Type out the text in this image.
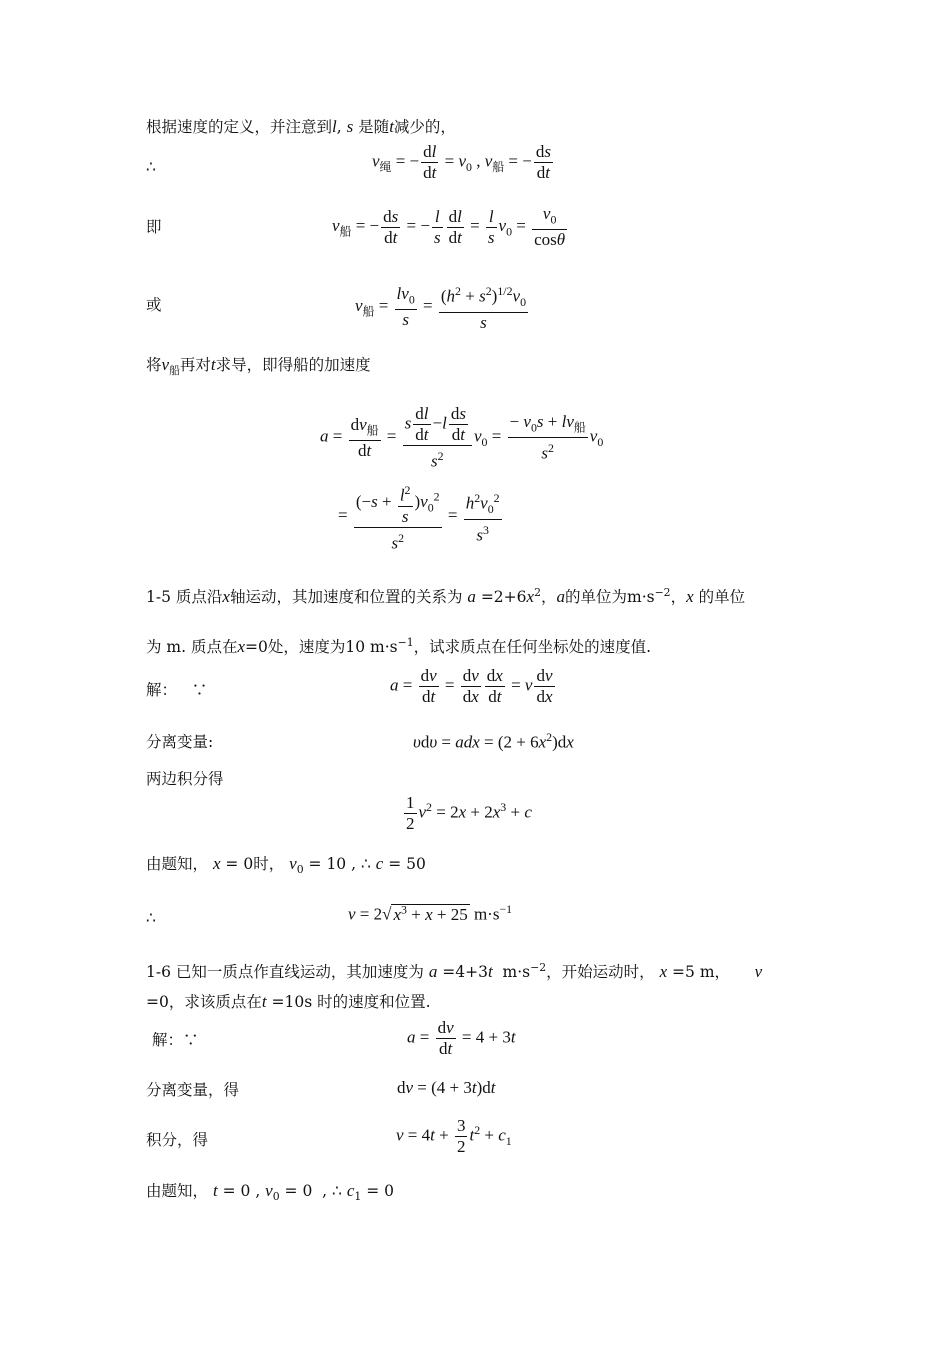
根据速度的定义，并注意到l, s 是随t减少的，
∴	$v_绳$ = − $\frac{dl}{dt} = v_0$ , $v_船$ = − $\frac{ds}{dt}$
即	$v_船$ = − $\frac{ds}{dt}$ = − $\frac{l}{s} \frac{dl}{dt} = \frac{l}{s} v_0 = \frac{v_0}{\cos\theta}$
或	$v_船 = \frac{lv_0}{s} = \frac{(h^2 + s^2)^{1/2}v_0}{s}$
将$v_船$再对t求导，即得船的加速度
$a = \frac{dv_船}{dt} = \frac{s \frac{dl}{dt} -l \frac{ds}{dt}}{s^2} v_0 = \frac{- v_0s + lv_船}{s^2} v_0$
= $\frac{(-s + \frac{l^2}{s} )v_0^2}{s^2} = \frac{h^2v_0^2}{s^3}$
1-5 质点沿x轴运动，其加速度和位置的关系为 $a =2+6x^2$，a的单位为$m\cdot s^{-2}$，x 的单位
为 m. 质点在x=0处，速度为10 $m\cdot s^{-1}$，试求质点在任何坐标处的速度值.
解： ∵	$a = \frac{dv}{dt} = \frac{dv}{dx} \frac{dx}{dt} = v \frac{dv}{dx}$
分离变量:	υdυ = adx = $(2 + 6x^2)dx$
两边积分得
$\frac{1}{2} v^2 = 2x + 2x^3 + c$
由题知， x = 0时， $v_0 = 10$ , ∴ c = 50
∴	v = 2√ $x^3 + x + 25$ $m\cdot s^{-1}$
1-6 已知一质点作直线运动，其加速度为 a =4+3t  $m\cdot s^{-2}$，开始运动时， x =5 m，     v
=0，求该质点在t =10s 时的速度和位置.
解：∵	$a = \frac{dv}{dt} = 4 + 3t$
分离变量，得	dv = (4 + 3t)dt
积分，得	$v = 4t + \frac{3}{2} t^2 + c_1$
由题知， t = 0 , $v_0 = 0$  , ∴ $c_1 = 0$
